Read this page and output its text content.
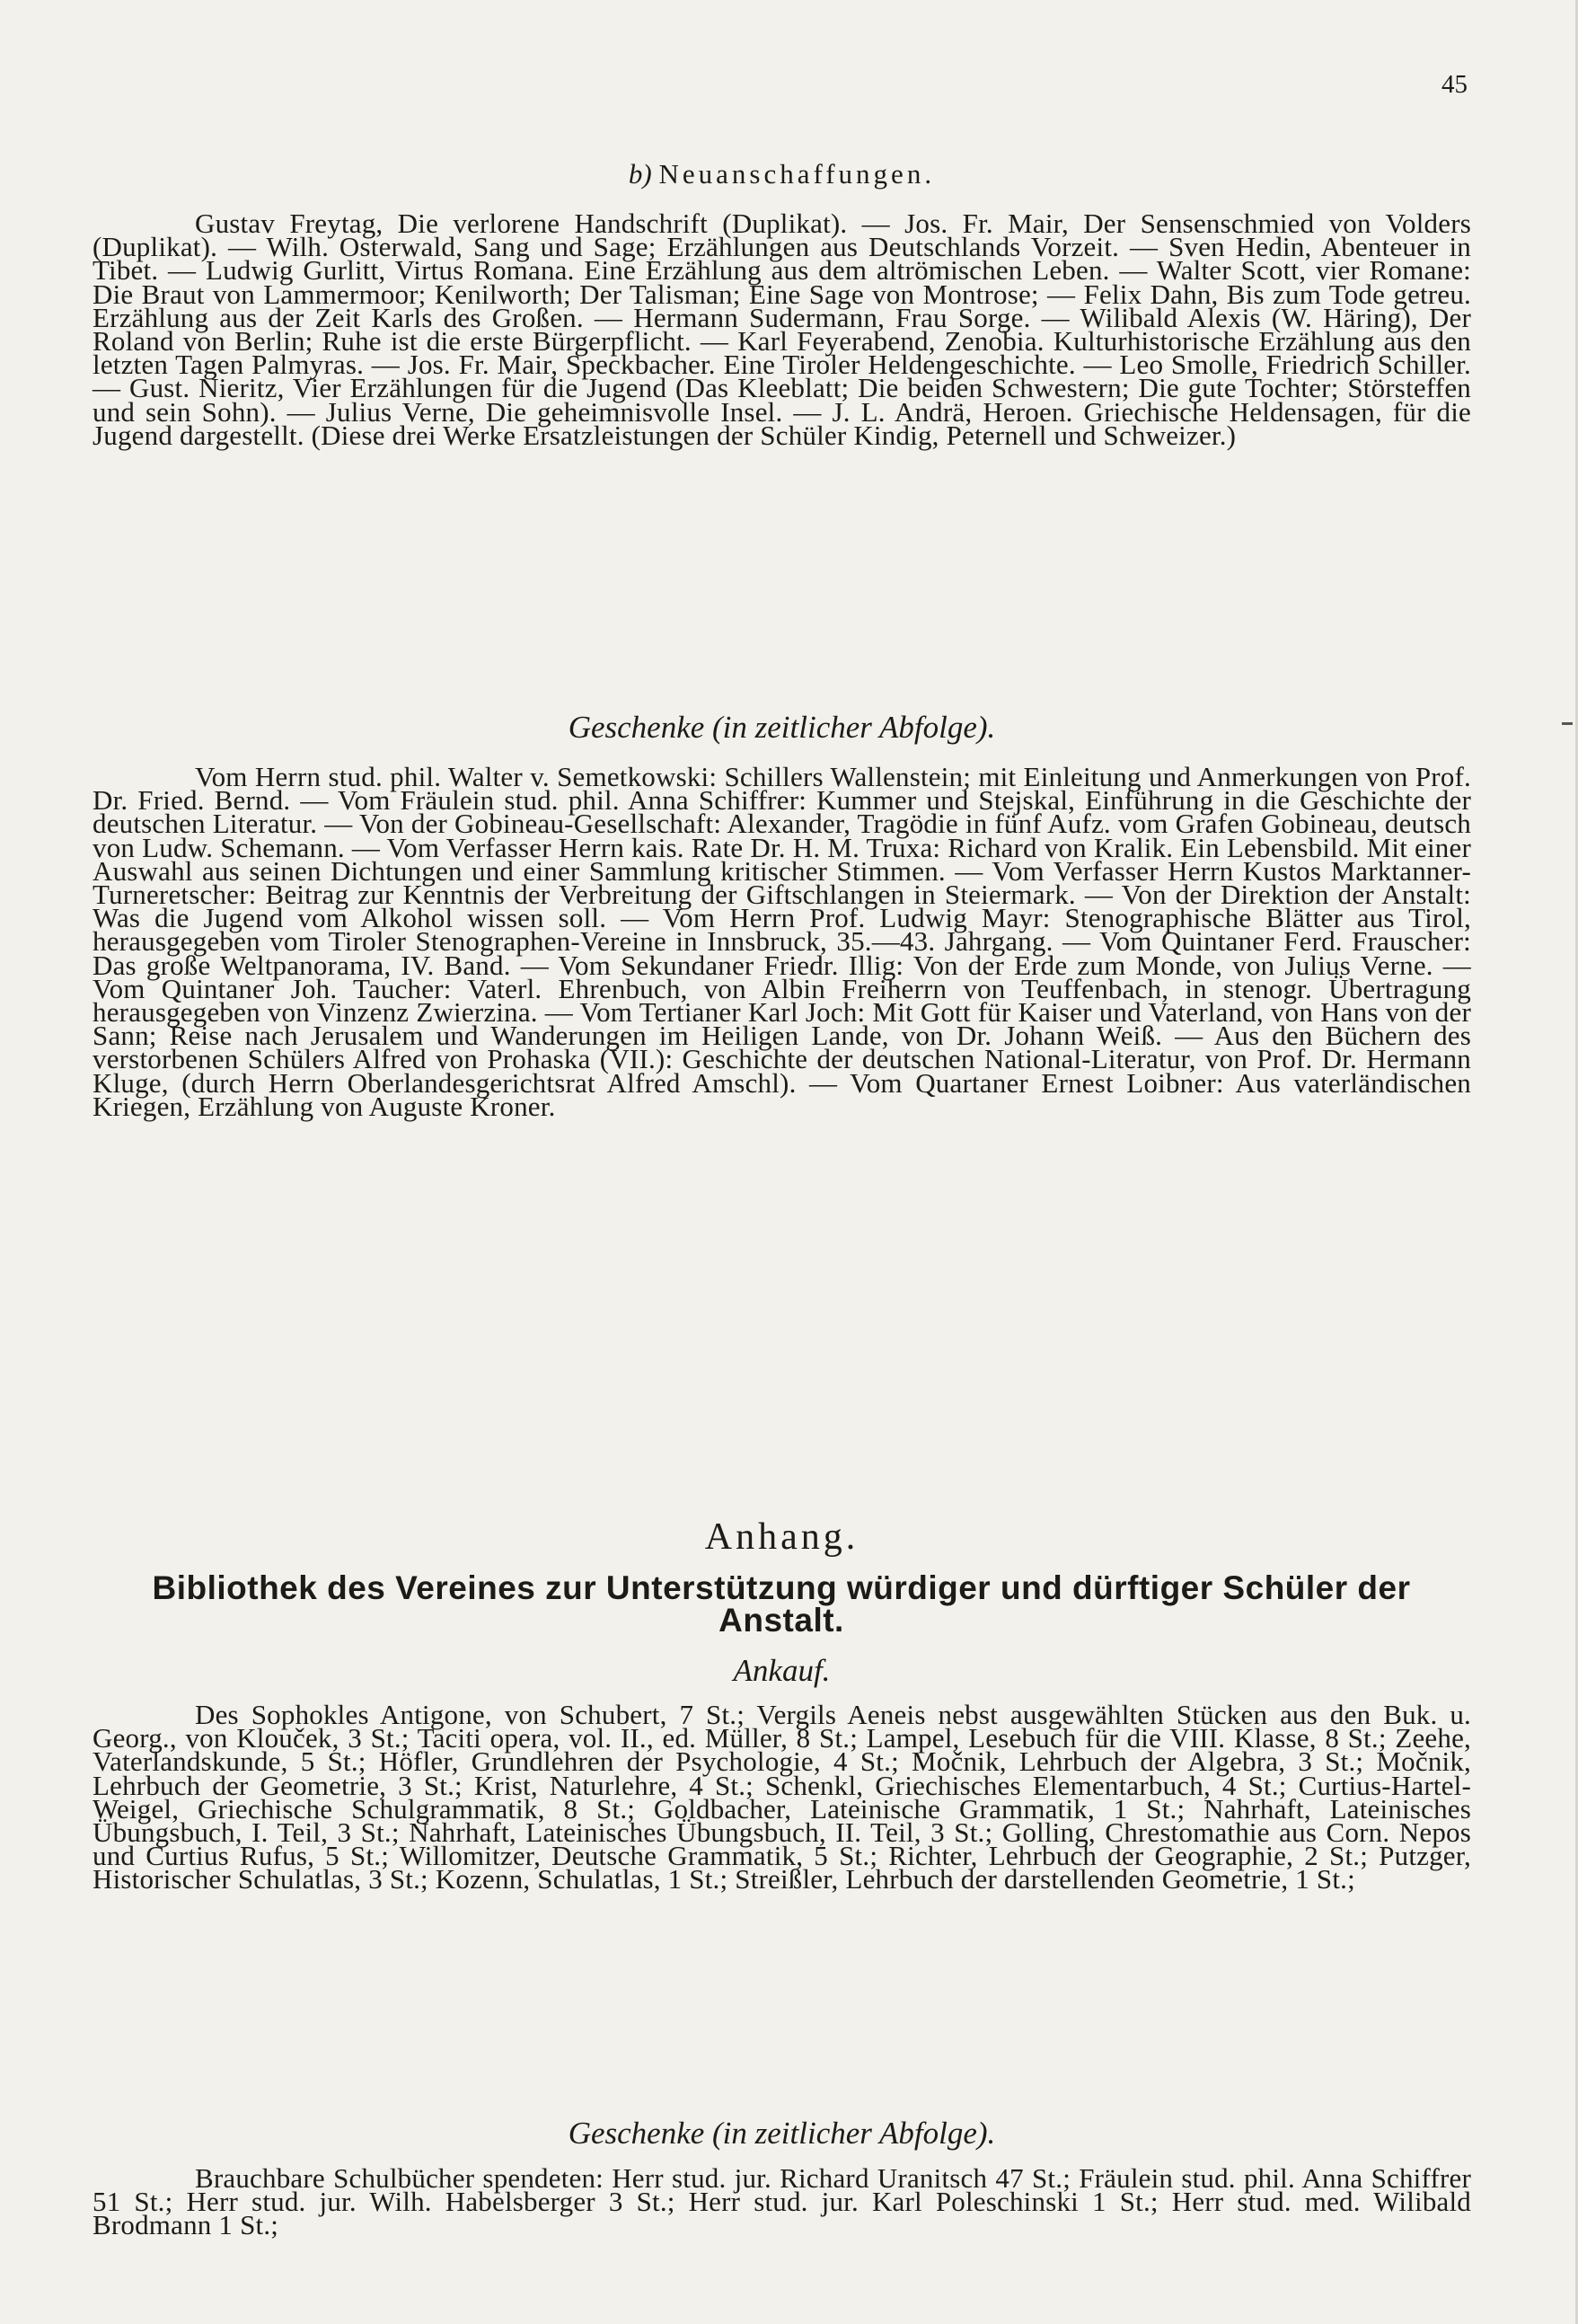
45

b) Neuanschaffungen.

Gustav Freytag, Die verlorene Handschrift (Duplikat). — Jos. Fr. Mair, Der Sensenschmied von Volders (Duplikat). — Wilh. Osterwald, Sang und Sage; Erzählungen aus Deutschlands Vorzeit. — Sven Hedin, Abenteuer in Tibet. — Ludwig Gurlitt, Virtus Romana. Eine Erzählung aus dem altrömischen Leben. — Walter Scott, vier Romane: Die Braut von Lammermoor; Kenilworth; Der Talisman; Eine Sage von Montrose; — Felix Dahn, Bis zum Tode getreu. Erzählung aus der Zeit Karls des Großen. — Hermann Sudermann, Frau Sorge. — Wilibald Alexis (W. Häring), Der Roland von Berlin; Ruhe ist die erste Bürgerpflicht. — Karl Feyerabend, Zenobia. Kulturhistorische Erzählung aus den letzten Tagen Palmyras. — Jos. Fr. Mair, Speckbacher. Eine Tiroler Heldengeschichte. — Leo Smolle, Friedrich Schiller. — Gust. Nieritz, Vier Erzählungen für die Jugend (Das Kleeblatt; Die beiden Schwestern; Die gute Tochter; Störsteffen und sein Sohn). — Julius Verne, Die geheimnisvolle Insel. — J. L. Andrä, Heroen. Griechische Heldensagen, für die Jugend dargestellt. (Diese drei Werke Ersatzleistungen der Schüler Kindig, Peternell und Schweizer.)

Geschenke (in zeitlicher Abfolge).

Vom Herrn stud. phil. Walter v. Semetkowski: Schillers Wallenstein; mit Einleitung und Anmerkungen von Prof. Dr. Fried. Bernd. — Vom Fräulein stud. phil. Anna Schiffrer: Kummer und Stejskal, Einführung in die Geschichte der deutschen Literatur. — Von der Gobineau-Gesellschaft: Alexander, Tragödie in fünf Aufz. vom Grafen Gobineau, deutsch von Ludw. Schemann. — Vom Verfasser Herrn kais. Rate Dr. H. M. Truxa: Richard von Kralik. Ein Lebensbild. Mit einer Auswahl aus seinen Dichtungen und einer Sammlung kritischer Stimmen. — Vom Verfasser Herrn Kustos Marktanner-Turneretscher: Beitrag zur Kenntnis der Verbreitung der Giftschlangen in Steiermark. — Von der Direktion der Anstalt: Was die Jugend vom Alkohol wissen soll. — Vom Herrn Prof. Ludwig Mayr: Stenographische Blätter aus Tirol, herausgegeben vom Tiroler Stenographen-Vereine in Innsbruck, 35.—43. Jahrgang. — Vom Quintaner Ferd. Frauscher: Das große Weltpanorama, IV. Band. — Vom Sekundaner Friedr. Illig: Von der Erde zum Monde, von Julius Verne. — Vom Quintaner Joh. Taucher: Vaterl. Ehrenbuch, von Albin Freiherrn von Teuffenbach, in stenogr. Übertragung herausgegeben von Vinzenz Zwierzina. — Vom Tertianer Karl Joch: Mit Gott für Kaiser und Vaterland, von Hans von der Sann; Reise nach Jerusalem und Wanderungen im Heiligen Lande, von Dr. Johann Weiß. — Aus den Büchern des verstorbenen Schülers Alfred von Prohaska (VII.): Geschichte der deutschen National-Literatur, von Prof. Dr. Hermann Kluge, (durch Herrn Oberlandesgerichtsrat Alfred Amschl). — Vom Quartaner Ernest Loibner: Aus vaterländischen Kriegen, Erzählung von Auguste Kroner.

Anhang.

Bibliothek des Vereines zur Unterstützung würdiger und dürftiger Schüler der Anstalt.

Ankauf.

Des Sophokles Antigone, von Schubert, 7 St.; Vergils Aeneis nebst ausgewählten Stücken aus den Buk. u. Georg., von Klouček, 3 St.; Taciti opera, vol. II., ed. Müller, 8 St.; Lampel, Lesebuch für die VIII. Klasse, 8 St.; Zeehe, Vaterlandskunde, 5 St.; Höfler, Grundlehren der Psychologie, 4 St.; Močnik, Lehrbuch der Algebra, 3 St.; Močnik, Lehrbuch der Geometrie, 3 St.; Krist, Naturlehre, 4 St.; Schenkl, Griechisches Elementarbuch, 4 St.; Curtius-Hartel-Weigel, Griechische Schulgrammatik, 8 St.; Goldbacher, Lateinische Grammatik, 1 St.; Nahrhaft, Lateinisches Übungsbuch, I. Teil, 3 St.; Nahrhaft, Lateinisches Übungsbuch, II. Teil, 3 St.; Golling, Chrestomathie aus Corn. Nepos und Curtius Rufus, 5 St.; Willomitzer, Deutsche Grammatik, 5 St.; Richter, Lehrbuch der Geographie, 2 St.; Putzger, Historischer Schulatlas, 3 St.; Kozenn, Schulatlas, 1 St.; Streißler, Lehrbuch der darstellenden Geometrie, 1 St.;

Geschenke (in zeitlicher Abfolge).

Brauchbare Schulbücher spendeten: Herr stud. jur. Richard Uranitsch 47 St.; Fräulein stud. phil. Anna Schiffrer 51 St.; Herr stud. jur. Wilh. Habelsberger 3 St.; Herr stud. jur. Karl Poleschinski 1 St.; Herr stud. med. Wilibald Brodmann 1 St.;
